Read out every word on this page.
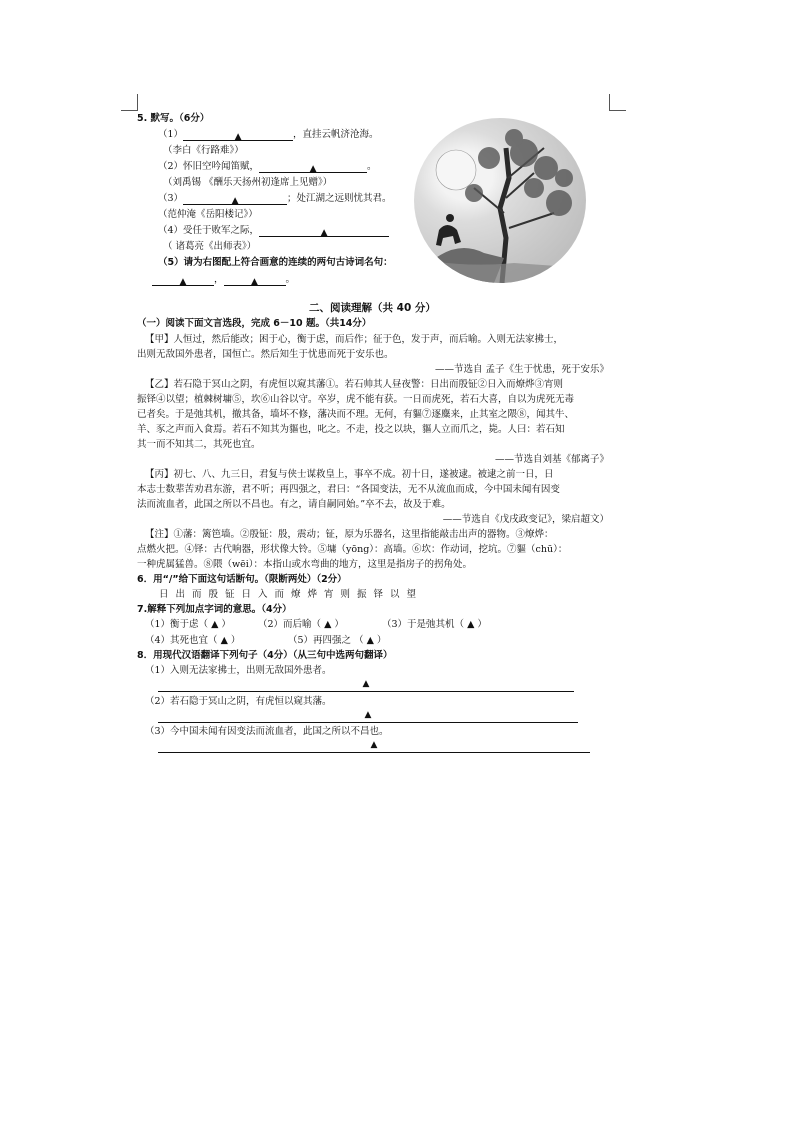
5. 默写。（6分）
（1）	▲	，直挂云帆济沧海。
（李白《行路难》）
（2）怀旧空吟闻笛赋，	▲	。
（刘禹锡 《酬乐天扬州初逢席上见赠》）
（3）	▲	；处江湖之远则忧其君。
（范仲淹《岳阳楼记》）
（4）受任于败军之际，	▲
（ 诸葛亮《出师表》）
（5）请为右图配上符合画意的连续的两句古诗词名句：
▲	，	▲	。
二、阅读理解（共 40 分）
（一）阅读下面文言选段，完成 6－10 题。（共14分）
【甲】人恒过，然后能改；困于心，衡于虑，而后作；征于色，发于声，而后喻。入则无法家拂士，
出则无敌国外患者，国恒亡。然后知生于忧患而死于安乐也。
——节选自 孟子《生于忧患，死于安乐》
【乙】若石隐于冥山之阴，有虎恒以窥其藩①。若石帅其人昼夜警：日出而殷钲②日入而燎烨③宵则
振铎④以望；植棘树墉⑤，坎⑥山谷以守。卒岁，虎不能有获。一日而虎死，若石大喜，自以为虎死无毒
已者矣。于是弛其机，撤其备，墙坏不修，藩决而不理。无何，有貙⑦逐麋来，止其室之隈⑧，闻其牛、
羊、豕之声而入食焉。若石不知其为貙也，叱之。不走，投之以块，貙人立而爪之，毙。人曰：若石知
其一而不知其二，其死也宜。
——节选自刘基《郁离子》
【丙】初七、八、九三日，君复与侠士谋救皇上，事卒不成。初十日，遂被逮。被逮之前一日，日
本志士数辈苦劝君东游，君不听；再四强之，君曰：“各国变法，无不从流血而成，今中国未闻有因变
法而流血者，此国之所以不昌也。有之，请自嗣同始。”卒不去，故及于难。
——节选自《戊戌政变记》，梁启超文）
【注】①藩：篱笆墙。②殷钲：殷，震动；钲，原为乐器名，这里指能敲击出声的器物。③燎烨：
点燃火把。④铎：古代响器，形状像大铃。⑤墉（yōng）：高墙。⑥坎：作动词，挖坑。⑦貙（chū）：
一种虎属猛兽。⑧隈（wēi）：本指山或水弯曲的地方，这里是指房子的拐角处。
6．用“/”给下面这句话断句。（限断两处）（2分）
日出而殷钲日入而燎烨宵则振铎以望
7.解释下列加点字词的意思。（4分）
（1）衡于虑（ ▲ ）	（2）而后喻（ ▲ ）	（3）于是弛其机（ ▲ ）
（4）其死也宜（ ▲ ）	（5）再四强之 （ ▲ ）
8．用现代汉语翻译下列句子（4分）（从三句中选两句翻译）
（1）入则无法家拂士，出则无敌国外患者。
▲
（2）若石隐于冥山之阴，有虎恒以窥其藩。
▲
（3）今中国未闻有因变法而流血者，此国之所以不昌也。
▲
